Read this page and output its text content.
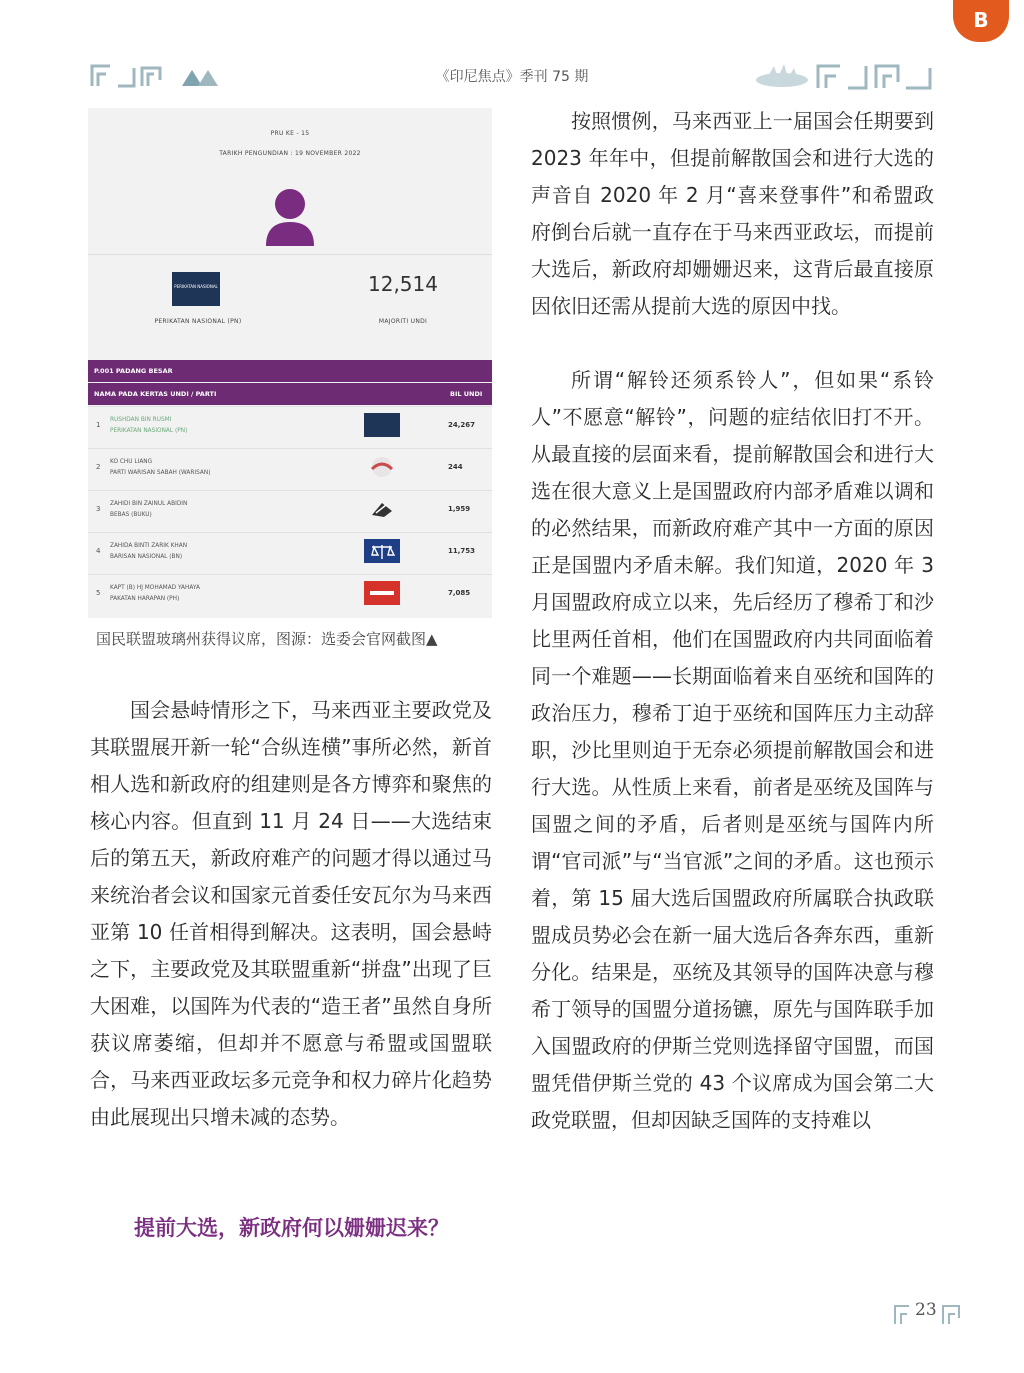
B
《印尼焦点》季刊 75 期
PRU KE - 15
TARIKH PENGUNDIAN : 19 NOVEMBER 2022
PERIKATAN NASIONAL
PERIKATAN NASIONAL (PN)
12,514
MAJORITI UNDI
P.001 PADANG BESAR
NAMA PADA KERTAS UNDI / PARTI	BIL UNDI
1
RUSHDAN BIN RUSMI
PERIKATAN NASIONAL (PN)
24,267
2
KO CHU LIANG
PARTI WARISAN SABAH (WARISAN)
244
3
ZAHIDI BIN ZAINUL ABIDIN
BEBAS (BUKU)
1,959
4
ZAHIDA BINTI ZARIK KHAN
BARISAN NASIONAL (BN)
11,753
5
KAPT (B) HJ MOHAMAD YAHAYA
PAKATAN HARAPAN (PH)
7,085
国民联盟玻璃州获得议席，图源：选委会官网截图▲

国会悬峙情形之下，马来西亚主要政党及其联盟展开新一轮“合纵连横”事所必然，新首相人选和新政府的组建则是各方博弈和聚焦的核心内容。但直到 11 月 24 日——大选结束后的第五天，新政府难产的问题才得以通过马来统治者会议和国家元首委任安瓦尔为马来西亚第 10 任首相得到解决。这表明，国会悬峙之下，主要政党及其联盟重新“拼盘”出现了巨大困难，以国阵为代表的“造王者”虽然自身所获议席萎缩，但却并不愿意与希盟或国盟联合，马来西亚政坛多元竞争和权力碎片化趋势由此展现出只增未减的态势。

提前大选，新政府何以姗姗迟来？

按照惯例，马来西亚上一届国会任期要到 2023 年年中，但提前解散国会和进行大选的声音自 2020 年 2 月“喜来登事件”和希盟政府倒台后就一直存在于马来西亚政坛，而提前大选后，新政府却姗姗迟来，这背后最直接原因依旧还需从提前大选的原因中找。

所谓“解铃还须系铃人”，但如果“系铃人”不愿意“解铃”，问题的症结依旧打不开。从最直接的层面来看，提前解散国会和进行大选在很大意义上是国盟政府内部矛盾难以调和的必然结果，而新政府难产其中一方面的原因正是国盟内矛盾未解。我们知道，2020 年 3 月国盟政府成立以来，先后经历了穆希丁和沙比里两任首相，他们在国盟政府内共同面临着同一个难题——长期面临着来自巫统和国阵的政治压力，穆希丁迫于巫统和国阵压力主动辞职，沙比里则迫于无奈必须提前解散国会和进行大选。从性质上来看，前者是巫统及国阵与国盟之间的矛盾，后者则是巫统与国阵内所谓“官司派”与“当官派”之间的矛盾。这也预示着，第 15 届大选后国盟政府所属联合执政联盟成员势必会在新一届大选后各奔东西，重新分化。结果是，巫统及其领导的国阵决意与穆希丁领导的国盟分道扬镳，原先与国阵联手加入国盟政府的伊斯兰党则选择留守国盟，而国盟凭借伊斯兰党的 43 个议席成为国会第二大政党联盟，但却因缺乏国阵的支持难以

23
